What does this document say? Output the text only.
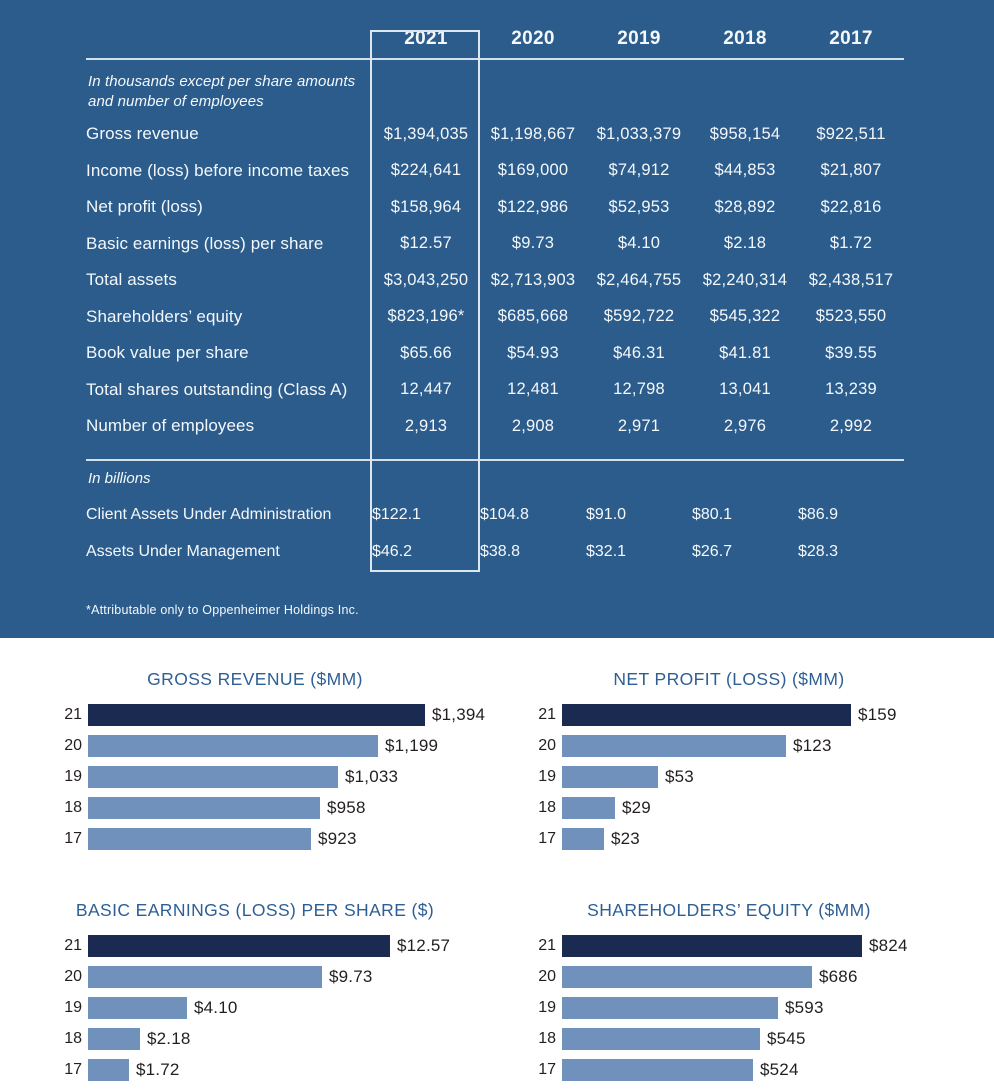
2021	2020	2019	2018	2017
In thousands except per share amounts and number of employees
Gross revenue	$1,394,035	$1,198,667	$1,033,379	$958,154	$922,511
Income (loss) before income taxes	$224,641	$169,000	$74,912	$44,853	$21,807
Net profit (loss)	$158,964	$122,986	$52,953	$28,892	$22,816
Basic earnings (loss) per share	$12.57	$9.73	$4.10	$2.18	$1.72
Total assets	$3,043,250	$2,713,903	$2,464,755	$2,240,314	$2,438,517
Shareholders’ equity	$823,196*	$685,668	$592,722	$545,322	$523,550
Book value per share	$65.66	$54.93	$46.31	$41.81	$39.55
Total shares outstanding (Class A)	12,447	12,481	12,798	13,041	13,239
Number of employees	2,913	2,908	2,971	2,976	2,992
In billions
Client Assets Under Administration	$122.1	$104.8	$91.0	$80.1	$86.9
Assets Under Management	$46.2	$38.8	$32.1	$26.7	$28.3
*Attributable only to Oppenheimer Holdings Inc.
GROSS REVENUE ($MM)
21	$1,394
20	$1,199
19	$1,033
18	$958
17	$923
NET PROFIT (LOSS) ($MM)
21	$159
20	$123
19	$53
18	$29
17	$23
BASIC EARNINGS (LOSS) PER SHARE ($)
21	$12.57
20	$9.73
19	$4.10
18	$2.18
17	$1.72
SHAREHOLDERS’ EQUITY ($MM)
21	$824
20	$686
19	$593
18	$545
17	$524
